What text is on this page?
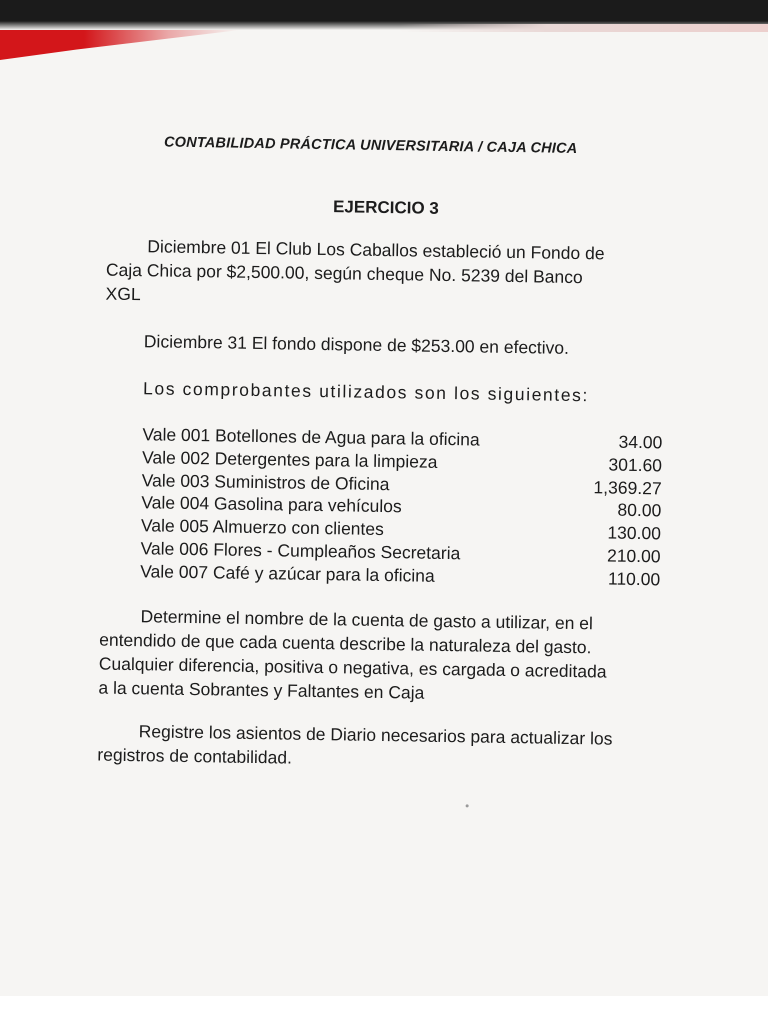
CONTABILIDAD PRÁCTICA UNIVERSITARIA / CAJA CHICA
EJERCICIO 3
Diciembre 01 El Club Los Caballos estableció un Fondo de
Caja Chica por $2,500.00, según cheque No. 5239 del Banco
XGL
Diciembre 31 El fondo dispone de $253.00 en efectivo.
Los comprobantes utilizados son los siguientes:
Vale 001 Botellones de Agua para la oficina	34.00
Vale 002 Detergentes para la limpieza	301.60
Vale 003 Suministros de Oficina	1,369.27
Vale 004 Gasolina para vehículos	80.00
Vale 005 Almuerzo con clientes	130.00
Vale 006 Flores - Cumpleaños Secretaria	210.00
Vale 007 Café y azúcar para la oficina	110.00
Determine el nombre de la cuenta de gasto a utilizar, en el
entendido de que cada cuenta describe la naturaleza del gasto.
Cualquier diferencia, positiva o negativa, es cargada o acreditada
a la cuenta Sobrantes y Faltantes en Caja
Registre los asientos de Diario necesarios para actualizar los
registros de contabilidad.
